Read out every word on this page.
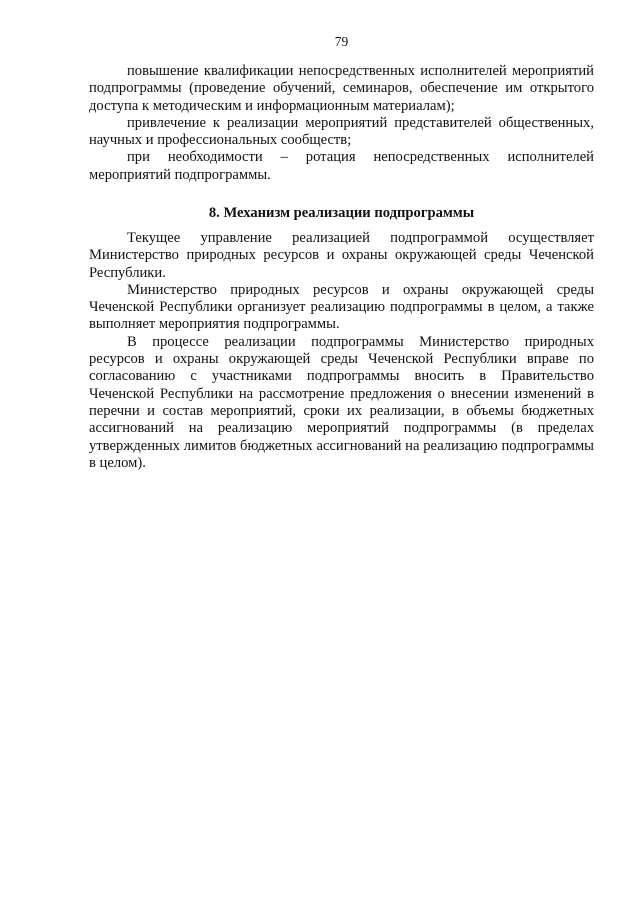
79

повышение квалификации непосредственных исполнителей мероприятий подпрограммы (проведение обучений, семинаров, обеспечение им открытого доступа к методическим и информационным материалам);

привлечение к реализации мероприятий представителей общественных, научных и профессиональных сообществ;

при необходимости – ротация непосредственных исполнителей мероприятий подпрограммы.

8. Механизм реализации подпрограммы

Текущее управление реализацией подпрограммой осуществляет Министерство природных ресурсов и охраны окружающей среды Чеченской Республики.

Министерство природных ресурсов и охраны окружающей среды Чеченской Республики организует реализацию подпрограммы в целом, а также выполняет мероприятия подпрограммы.

В процессе реализации подпрограммы Министерство природных ресурсов и охраны окружающей среды Чеченской Республики вправе по согласованию с участниками подпрограммы вносить в Правительство Чеченской Республики на рассмотрение предложения о внесении изменений в перечни и состав мероприятий, сроки их реализации, в объемы бюджетных ассигнований на реализацию мероприятий подпрограммы (в пределах утвержденных лимитов бюджетных ассигнований на реализацию подпрограммы в целом).
